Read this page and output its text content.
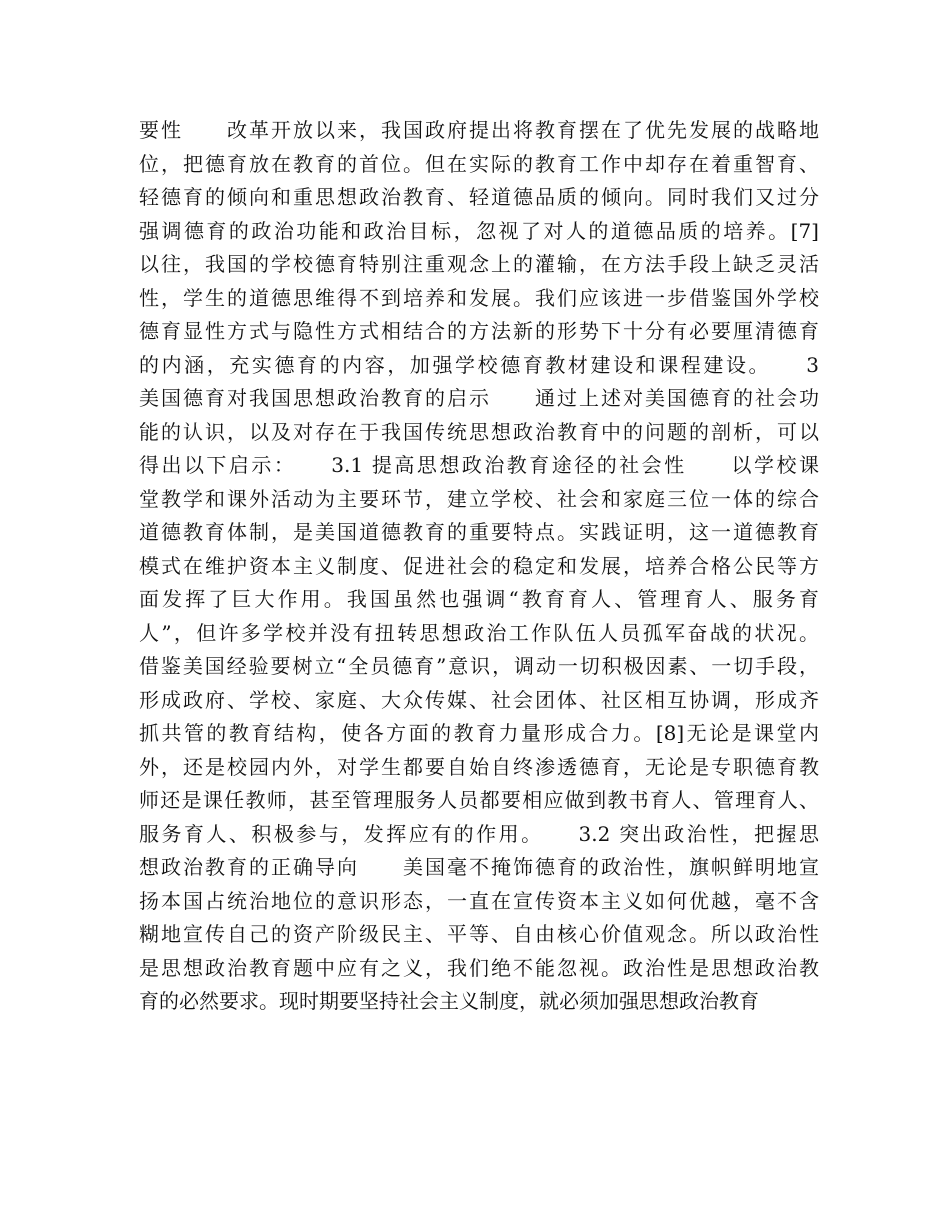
要性　　改革开放以来，我国政府提出将教育摆在了优先发展的战略地
位，把德育放在教育的首位。但在实际的教育工作中却存在着重智育、
轻德育的倾向和重思想政治教育、轻道德品质的倾向。同时我们又过分
强调德育的政治功能和政治目标，忽视了对人的道德品质的培养。[7]
以往，我国的学校德育特别注重观念上的灌输，在方法手段上缺乏灵活
性，学生的道德思维得不到培养和发展。我们应该进一步借鉴国外学校
德育显性方式与隐性方式相结合的方法新的形势下十分有必要厘清德育
的内涵，充实德育的内容，加强学校德育教材建设和课程建设。　　3
美国德育对我国思想政治教育的启示　　通过上述对美国德育的社会功
能的认识，以及对存在于我国传统思想政治教育中的问题的剖析，可以
得出以下启示：　　3.1 提高思想政治教育途径的社会性　　以学校课
堂教学和课外活动为主要环节，建立学校、社会和家庭三位一体的综合
道德教育体制，是美国道德教育的重要特点。实践证明，这一道德教育
模式在维护资本主义制度、促进社会的稳定和发展，培养合格公民等方
面发挥了巨大作用。我国虽然也强调“教育育人、管理育人、服务育
人”，但许多学校并没有扭转思想政治工作队伍人员孤军奋战的状况。
借鉴美国经验要树立“全员德育”意识，调动一切积极因素、一切手段，
形成政府、学校、家庭、大众传媒、社会团体、社区相互协调，形成齐
抓共管的教育结构，使各方面的教育力量形成合力。[8]无论是课堂内
外，还是校园内外，对学生都要自始自终渗透德育，无论是专职德育教
师还是课任教师，甚至管理服务人员都要相应做到教书育人、管理育人、
服务育人、积极参与，发挥应有的作用。　　3.2 突出政治性，把握思
想政治教育的正确导向　　美国毫不掩饰德育的政治性，旗帜鲜明地宣
扬本国占统治地位的意识形态，一直在宣传资本主义如何优越，毫不含
糊地宣传自己的资产阶级民主、平等、自由核心价值观念。所以政治性
是思想政治教育题中应有之义，我们绝不能忽视。政治性是思想政治教
育的必然要求。现时期要坚持社会主义制度，就必须加强思想政治教育
